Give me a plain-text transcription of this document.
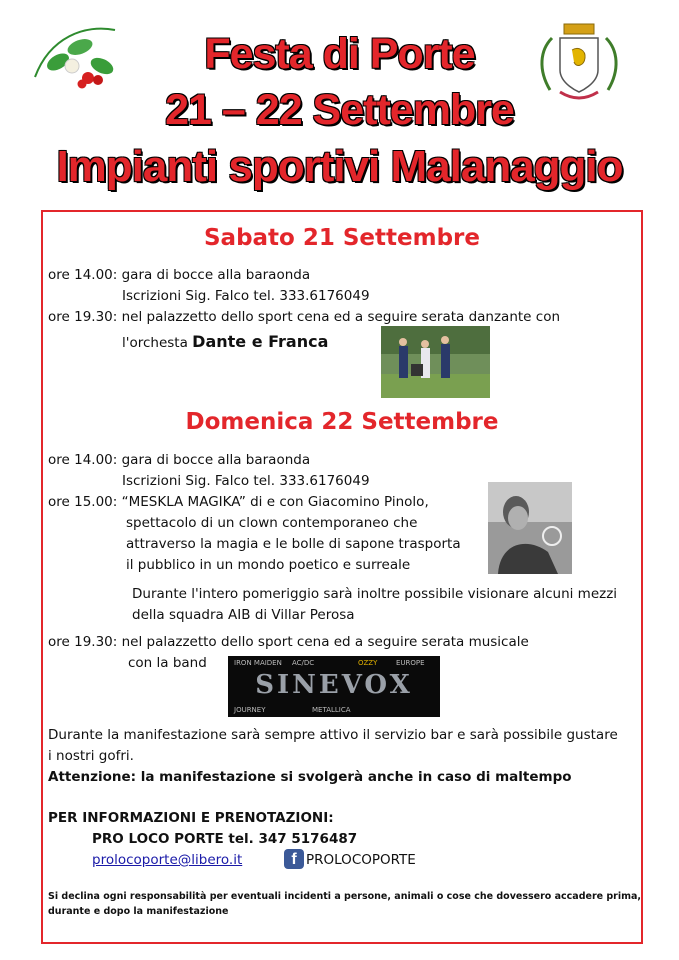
Festa di Porte
21 – 22 Settembre
Impianti sportivi Malanaggio
Sabato 21 Settembre
ore 14.00: gara di bocce alla baraonda
Iscrizioni Sig. Falco tel. 333.6176049
ore 19.30: nel palazzetto dello sport cena ed a seguire serata danzante con
l'orchesta Dante e Franca
Domenica 22 Settembre
ore 14.00: gara di bocce alla baraonda
Iscrizioni Sig. Falco tel. 333.6176049
ore 15.00: “MESKLA MAGIKA” di e con Giacomino Pinolo,
spettacolo di un clown contemporaneo che
attraverso la magia e le bolle di sapone trasporta
il pubblico in un mondo poetico e surreale
Durante l'intero pomeriggio sarà inoltre possibile visionare alcuni mezzi
della squadra AIB di Villar Perosa
ore 19.30: nel palazzetto dello sport cena ed a seguire serata musicale
con la band	IRON MAIDEN AC/DC	OZZY	EUROPE
SINEVOX
JOURNEY	METALLICA
Durante la manifestazione sarà sempre attivo il servizio bar e sarà possibile gustare
i nostri gofri.
Attenzione: la manifestazione si svolgerà anche in caso di maltempo
PER INFORMAZIONI E PRENOTAZIONI:
PRO LOCO PORTE tel. 347 5176487
prolocoporte@libero.it	f PROLOCOPORTE
Si declina ogni responsabilità per eventuali incidenti a persone, animali o cose che dovessero accadere prima,
durante e dopo la manifestazione
